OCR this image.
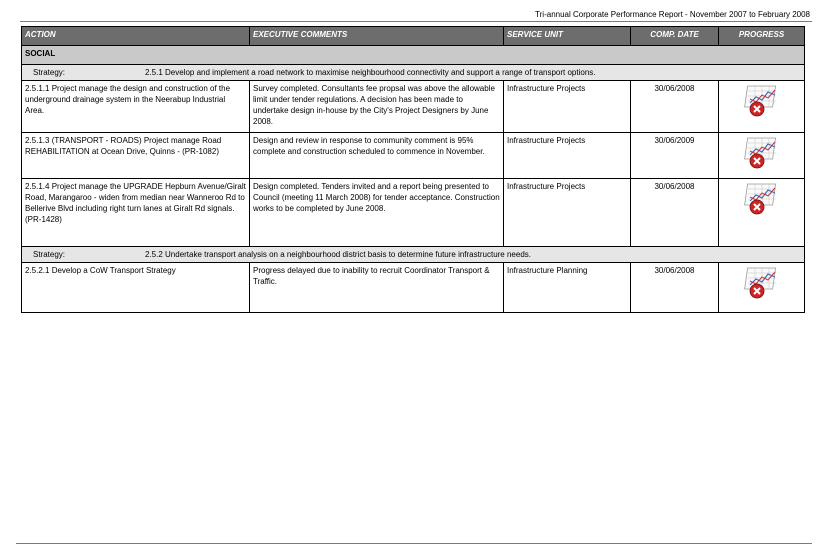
Tri-annual Corporate Performance Report - November 2007 to February 2008
ACTION	EXECUTIVE COMMENTS	SERVICE UNIT	COMP. DATE	PROGRESS
SOCIAL				
Strategy: 2.5.1 Develop and implement a road network to maximise neighbourhood connectivity and support a range of transport options.				
2.5.1.1 Project manage the design and construction of the underground drainage system in the Neerabup Industrial Area.	Survey completed. Consultants fee propsal was above the allowable limit under tender regulations. A decision has been made to undertake design in-house by the City's Project Designers by June 2008.	Infrastructure Projects	30/06/2008	
2.5.1.3 (TRANSPORT - ROADS) Project manage Road REHABILITATION at Ocean Drive, Quinns - (PR-1082)	Design and review in response to community comment is 95% complete and construction scheduled to commence in November.	Infrastructure Projects	30/06/2009	
2.5.1.4 Project manage the UPGRADE Hepburn Avenue/Giralt Road, Marangaroo - widen from median near Wanneroo Rd to Bellerive Blvd including right turn lanes at Giralt Rd signals. (PR-1428)	Design completed. Tenders invited and a report being presented to Council (meeting 11 March 2008) for tender acceptance. Construction works to be completed by June 2008.	Infrastructure Projects	30/06/2008	
Strategy: 2.5.2 Undertake transport analysis on a neighbourhood district basis to determine future infrastructure needs.				
2.5.2.1 Develop a CoW Transport Strategy	Progress delayed due to inability to recruit Coordinator Transport & Traffic.	Infrastructure Planning	30/06/2008	
